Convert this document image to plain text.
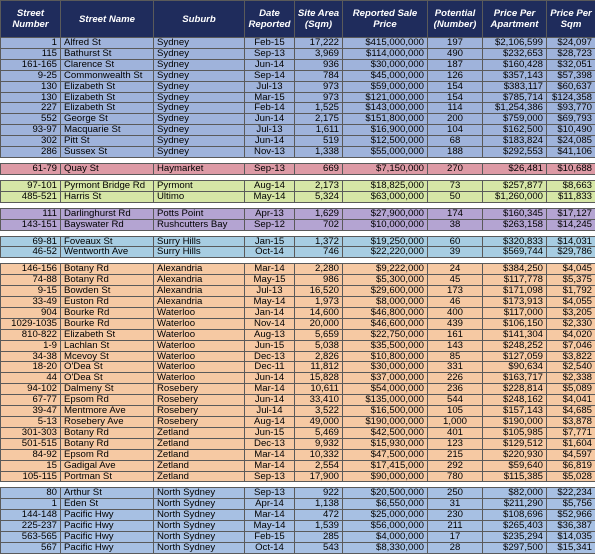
Street Number	Street Name	Suburb	Date Reported	Site Area (Sqm)	Reported Sale Price	Potential (Number)	Price Per Apartment	Price Per Sqm
1	Alfred St	Sydney	Feb-15	17,222	$415,000,000	197	$2,106,599	$24,097
115	Bathurst St	Sydney	Sep-13	3,969	$114,000,000	490	$232,653	$28,723
161-165	Clarence St	Sydney	Jun-14	936	$30,000,000	187	$160,428	$32,051
9-25	Commonwealth St	Sydney	Sep-14	784	$45,000,000	126	$357,143	$57,398
130	Elizabeth St	Sydney	Jul-13	973	$59,000,000	154	$383,117	$60,637
130	Elizabeth St	Sydney	Mar-15	973	$121,000,000	154	$785,714	$124,358
227	Elizabeth St	Sydney	Feb-14	1,525	$143,000,000	114	$1,254,386	$93,770
552	George St	Sydney	Jun-14	2,175	$151,800,000	200	$759,000	$69,793
93-97	Macquarie St	Sydney	Jul-13	1,611	$16,900,000	104	$162,500	$10,490
302	Pitt St	Sydney	Jun-14	519	$12,500,000	68	$183,824	$24,085
286	Sussex St	Sydney	Nov-13	1,338	$55,000,000	188	$292,553	$41,106

61-79	Quay St	Haymarket	Sep-13	669	$7,150,000	270	$26,481	$10,688

97-101	Pyrmont Bridge Rd	Pyrmont	Aug-14	2,173	$18,825,000	73	$257,877	$8,663
485-521	Harris St	Ultimo	May-14	5,324	$63,000,000	50	$1,260,000	$11,833

111	Darlinghurst Rd	Potts Point	Apr-13	1,629	$27,900,000	174	$160,345	$17,127
143-151	Bayswater Rd	Rushcutters Bay	Sep-12	702	$10,000,000	38	$263,158	$14,245

69-81	Foveaux St	Surry Hills	Jan-15	1,372	$19,250,000	60	$320,833	$14,031
46-52	Wentworth Ave	Surry Hills	Oct-14	746	$22,220,000	39	$569,744	$29,786

146-156	Botany Rd	Alexandria	Mar-14	2,280	$9,222,000	24	$384,250	$4,045
74-88	Botany Rd	Alexandria	May-15	986	$5,300,000	45	$117,778	$5,375
9-15	Bowden St	Alexandria	Jul-13	16,520	$29,600,000	173	$171,098	$1,792
33-49	Euston Rd	Alexandria	May-14	1,973	$8,000,000	46	$173,913	$4,055
904	Bourke Rd	Waterloo	Jan-14	14,600	$46,800,000	400	$117,000	$3,205
1029-1035	Bourke Rd	Waterloo	Nov-14	20,000	$46,600,000	439	$106,150	$2,330
810-822	Elizabeth St	Waterloo	Aug-13	5,659	$22,750,000	161	$141,304	$4,020
1-9	Lachlan St	Waterloo	Jun-15	5,038	$35,500,000	143	$248,252	$7,046
34-38	Mcevoy St	Waterloo	Dec-13	2,826	$10,800,000	85	$127,059	$3,822
18-20	O'Dea St	Waterloo	Dec-11	11,812	$30,000,000	331	$90,634	$2,540
44	O'Dea St	Waterloo	Jun-14	15,828	$37,000,000	226	$163,717	$2,338
94-102	Dalmeny St	Rosebery	Mar-14	10,611	$54,000,000	236	$228,814	$5,089
67-77	Epsom Rd	Rosebery	Jun-14	33,410	$135,000,000	544	$248,162	$4,041
39-47	Mentmore Ave	Rosebery	Jul-14	3,522	$16,500,000	105	$157,143	$4,685
5-13	Rosebery Ave	Rosebery	Aug-14	49,000	$190,000,000	1,000	$190,000	$3,878
301-303	Botany Rd	Zetland	Jun-15	5,469	$42,500,000	401	$105,985	$7,771
501-515	Botany Rd	Zetland	Dec-13	9,932	$15,930,000	123	$129,512	$1,604
84-92	Epsom Rd	Zetland	Mar-14	10,332	$47,500,000	215	$220,930	$4,597
15	Gadigal Ave	Zetland	Mar-14	2,554	$17,415,000	292	$59,640	$6,819
105-115	Portman St	Zetland	Sep-13	17,900	$90,000,000	780	$115,385	$5,028

80	Arthur St	North Sydney	Sep-13	922	$20,500,000	250	$82,000	$22,234
1	Eden St	North Sydney	Apr-14	1,138	$6,550,000	31	$211,290	$5,756
144-148	Pacific Hwy	North Sydney	Mar-14	472	$25,000,000	230	$108,696	$52,966
225-237	Pacific Hwy	North Sydney	May-14	1,539	$56,000,000	211	$265,403	$36,387
563-565	Pacific Hwy	North Sydney	Feb-15	285	$4,000,000	17	$235,294	$14,035
567	Pacific Hwy	North Sydney	Oct-14	543	$8,330,000	28	$297,500	$15,341
